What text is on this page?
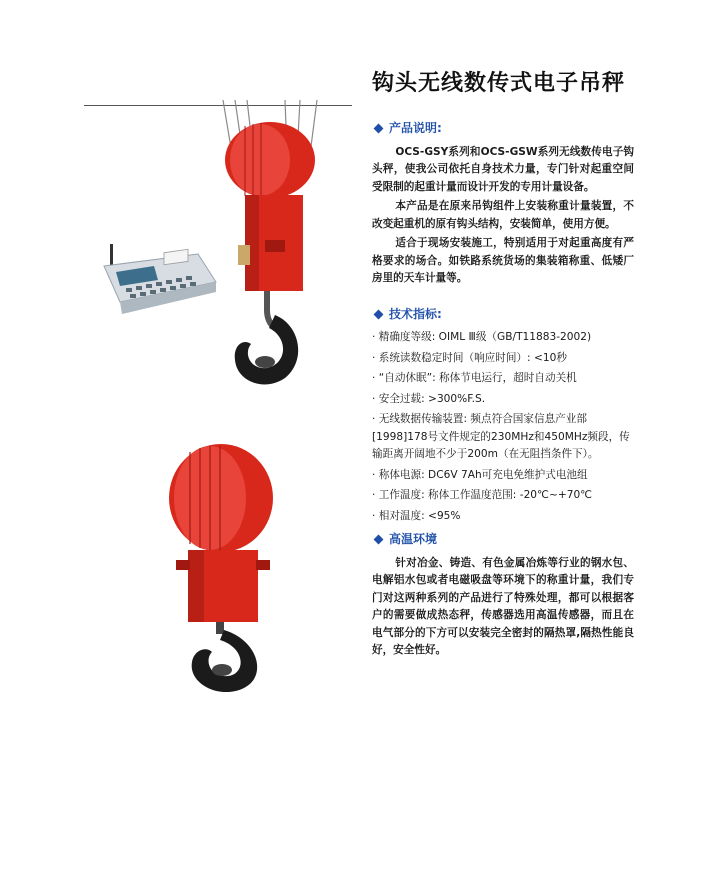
钩头无线数传式电子吊秤
产品说明:

OCS-GSY系列和OCS-GSW系列无线数传电子钩头秤，使我公司依托自身技术力量，专门针对起重空间受限制的起重计量而设计开发的专用计量设备。

本产品是在原来吊钩组件上安装称重计量装置，不改变起重机的原有钩头结构，安装简单，使用方便。

适合于现场安装施工，特别适用于对起重高度有严格要求的场合。如铁路系统货场的集装箱称重、低矮厂房里的天车计量等。

技术指标:
· 精确度等级: OIML Ⅲ级（GB/T11883-2002)
· 系统读数稳定时间（响应时间）: <10秒
· “自动休眠”: 称体节电运行，超时自动关机
· 安全过载: >300%F.S.
· 无线数据传输装置: 频点符合国家信息产业部[1998]178号文件规定的230MHz和450MHz频段，传输距离开阔地不少于200m（在无阻挡条件下）。
· 称体电源: DC6V 7Ah可充电免维护式电池组
· 工作温度: 称体工作温度范围: -20℃~+70℃
· 相对温度: <95%
高温环境

针对冶金、铸造、有色金属冶炼等行业的钢水包、电解铝水包或者电磁吸盘等环境下的称重计量，我们专门对这两种系列的产品进行了特殊处理，都可以根据客户的需要做成热态秤，传感器选用高温传感器，而且在电气部分的下方可以安装完全密封的隔热罩,隔热性能良好，安全性好。
